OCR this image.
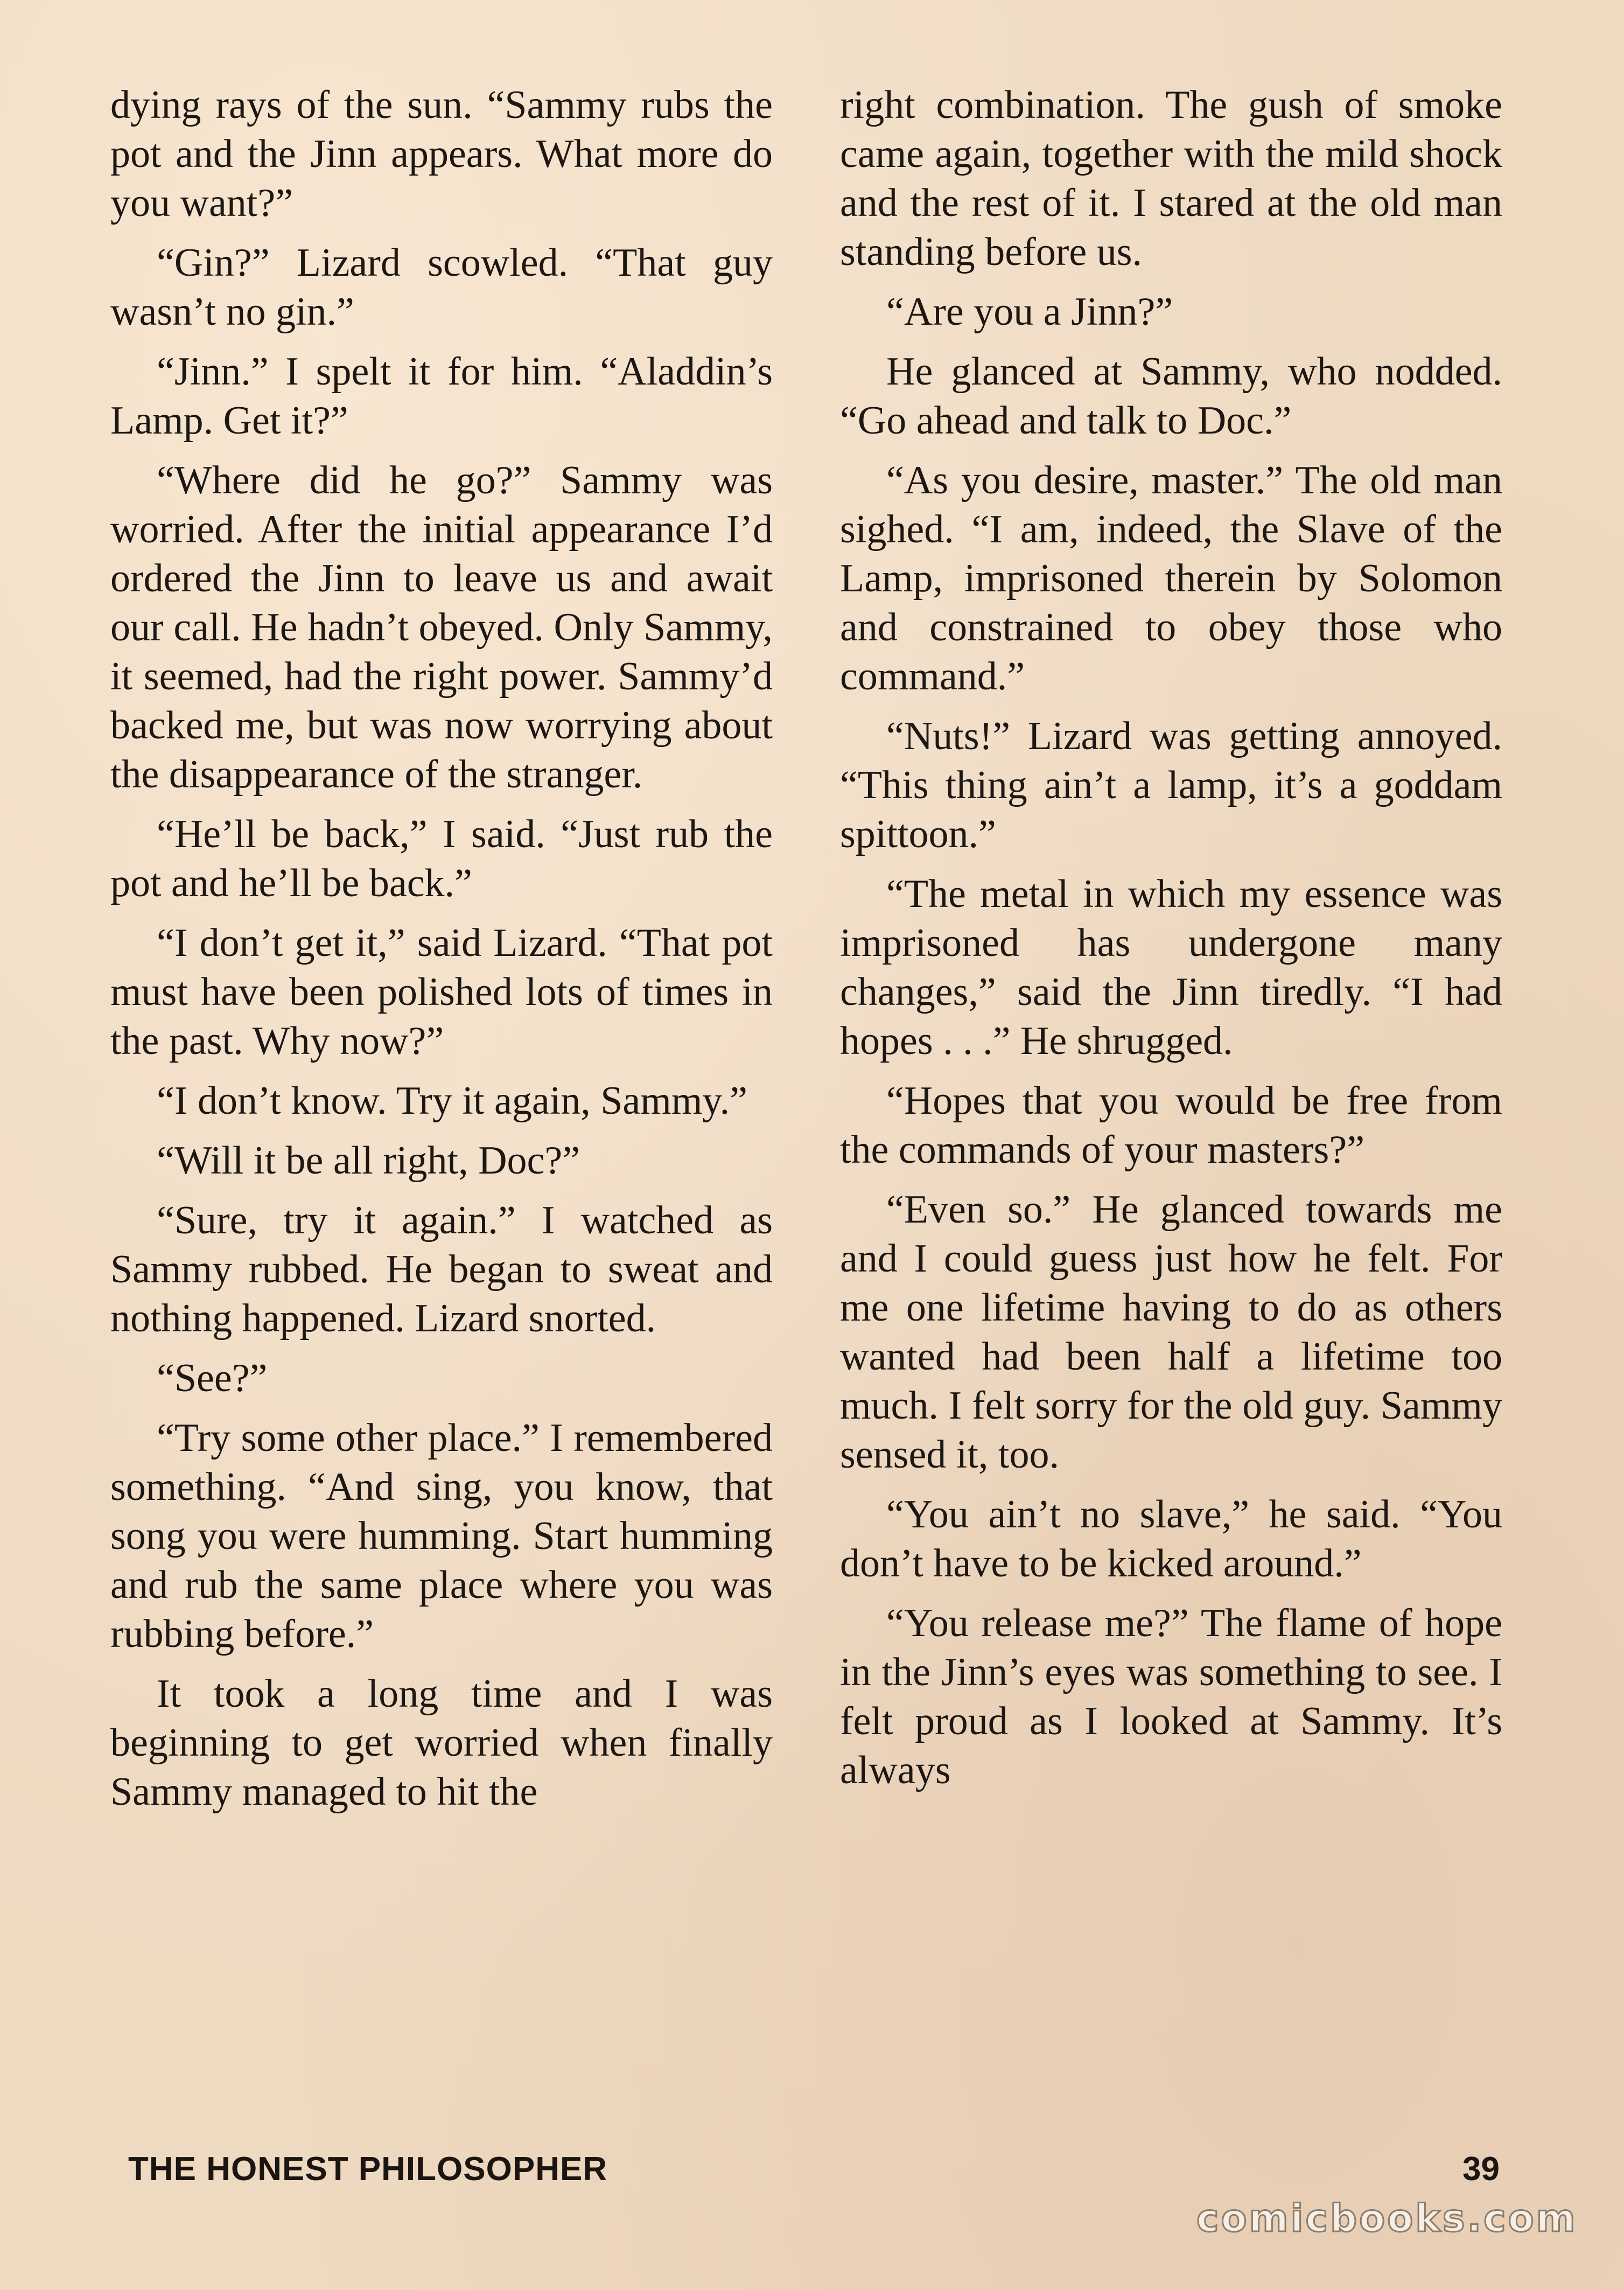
dying rays of the sun. “Sammy rubs the pot and the Jinn appears. What more do you want?”

“Gin?” Lizard scowled. “That guy wasn’t no gin.”

“Jinn.” I spelt it for him. “Aladdin’s Lamp. Get it?”

“Where did he go?” Sammy was worried. After the initial appearance I’d ordered the Jinn to leave us and await our call. He hadn’t obeyed. Only Sammy, it seemed, had the right power. Sammy’d backed me, but was now worrying about the disappearance of the stranger.

“He’ll be back,” I said. “Just rub the pot and he’ll be back.”

“I don’t get it,” said Lizard. “That pot must have been polished lots of times in the past. Why now?”

“I don’t know. Try it again, Sammy.”

“Will it be all right, Doc?”

“Sure, try it again.” I watched as Sammy rubbed. He began to sweat and nothing happened. Lizard snorted.

“See?”

“Try some other place.” I remembered something. “And sing, you know, that song you were humming. Start humming and rub the same place where you was rubbing before.”

It took a long time and I was beginning to get worried when finally Sammy managed to hit the

right combination. The gush of smoke came again, together with the mild shock and the rest of it. I stared at the old man standing before us.

“Are you a Jinn?”

He glanced at Sammy, who nodded. “Go ahead and talk to Doc.”

“As you desire, master.” The old man sighed. “I am, indeed, the Slave of the Lamp, imprisoned therein by Solomon and constrained to obey those who command.”

“Nuts!” Lizard was getting annoyed. “This thing ain’t a lamp, it’s a goddam spittoon.”

“The metal in which my essence was imprisoned has undergone many changes,” said the Jinn tiredly. “I had hopes . . .” He shrugged.

“Hopes that you would be free from the commands of your masters?”

“Even so.” He glanced towards me and I could guess just how he felt. For me one lifetime having to do as others wanted had been half a lifetime too much. I felt sorry for the old guy. Sammy sensed it, too.

“You ain’t no slave,” he said. “You don’t have to be kicked around.”

“You release me?” The flame of hope in the Jinn’s eyes was something to see. I felt proud as I looked at Sammy. It’s always

THE HONEST PHILOSOPHER	39
comicbooks.com
